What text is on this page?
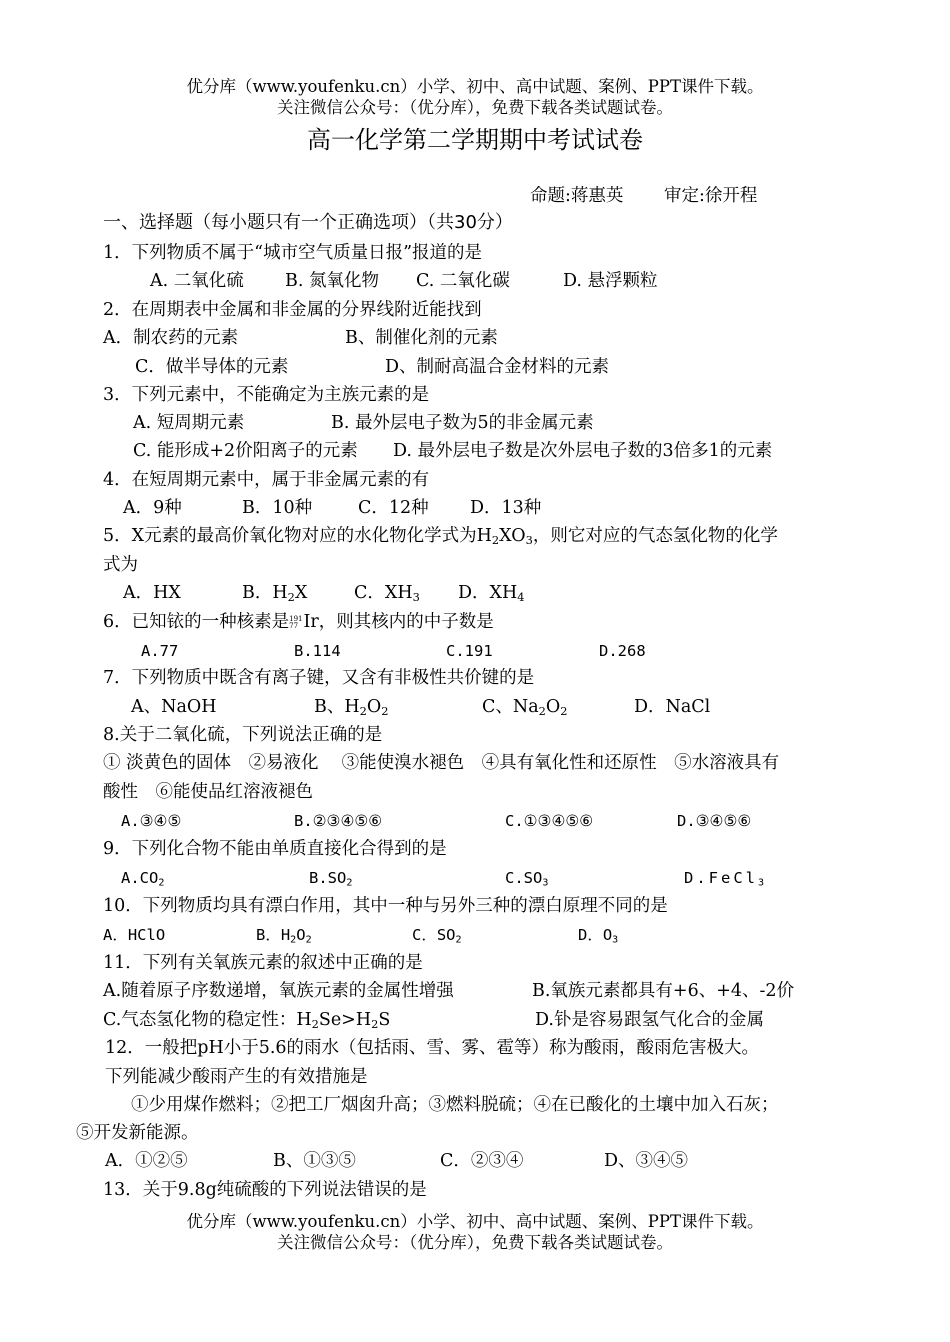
优分库（www.youfenku.cn）小学、初中、高中试题、案例、PPT课件下载。
关注微信公众号：（优分库），免费下载各类试题试卷。
高一化学第二学期期中考试试卷
命题:蒋惠英 审定:徐开程
一、选择题（每小题只有一个正确选项）（共30分）
1．下列物质不属于“城市空气质量日报”报道的是
A. 二氧化硫 B. 氮氧化物 C. 二氧化碳	D. 悬浮颗粒
2．在周期表中金属和非金属的分界线附近能找到
A．制农药的元素	B、制催化剂的元素
C．做半导体的元素	D、制耐高温合金材料的元素
3．下列元素中，不能确定为主族元素的是
A. 短周期元素	B. 最外层电子数为5的非金属元素
C. 能形成+2价阳离子的元素 D. 最外层电子数是次外层电子数的3倍多1的元素
4．在短周期元素中，属于非金属元素的有
A．9种	B．10种	C．12种 D．13种
5．X元素的最高价氧化物对应的水化物化学式为$H_2XO_3$，则它对应的气态氢化物的化学
式为
A．HX	B．$H_2X$	C．$XH_3$ D．$XH_4$
6．已知铱的一种核素是 191
77 Ir，则其核内的中子数是
A.77	B.114	C.191	D.268
7．下列物质中既含有离子键，又含有非极性共价键的是
A、NaOH	B、$H_2O_2$	C、$Na_2O_2$	D．NaCl
8.关于二氧化硫，下列说法正确的是
① 淡黄色的固体　②易液化　 ③能使溴水褪色　④具有氧化性和还原性　⑤水溶液具有
酸性　⑥能使品红溶液褪色
A.③④⑤	B.②③④⑤⑥	C.①③④⑤⑥	D.③④⑤⑥
9．下列化合物不能由单质直接化合得到的是
$A.CO_2$	$B.SO_2$	$C.SO_3$	D.FeCl$_3$
10．下列物质均具有漂白作用，其中一种与另外三种的漂白原理不同的是
A．HClO	B．$H_2O_2$	C．$SO_2$	D．$O_3$
11．下列有关氧族元素的叙述中正确的是
A.随着原子序数递增，氧族元素的金属性增强	B.氧族元素都具有+6、+4、-2价
C.气态氢化物的稳定性：$H_2Se>H_2S$	D.钋是容易跟氢气化合的金属
12．一般把pH小于5.6的雨水（包括雨、雪、雾、雹等）称为酸雨，酸雨危害极大。
下列能减少酸雨产生的有效措施是
①少用煤作燃料；②把工厂烟囱升高；③燃料脱硫；④在已酸化的土壤中加入石灰；
⑤开发新能源。
A．①②⑤	B、①③⑤	C．②③④	D、③④⑤
13．关于9.8g纯硫酸的下列说法错误的是
优分库（www.youfenku.cn）小学、初中、高中试题、案例、PPT课件下载。
关注微信公众号：（优分库），免费下载各类试题试卷。
